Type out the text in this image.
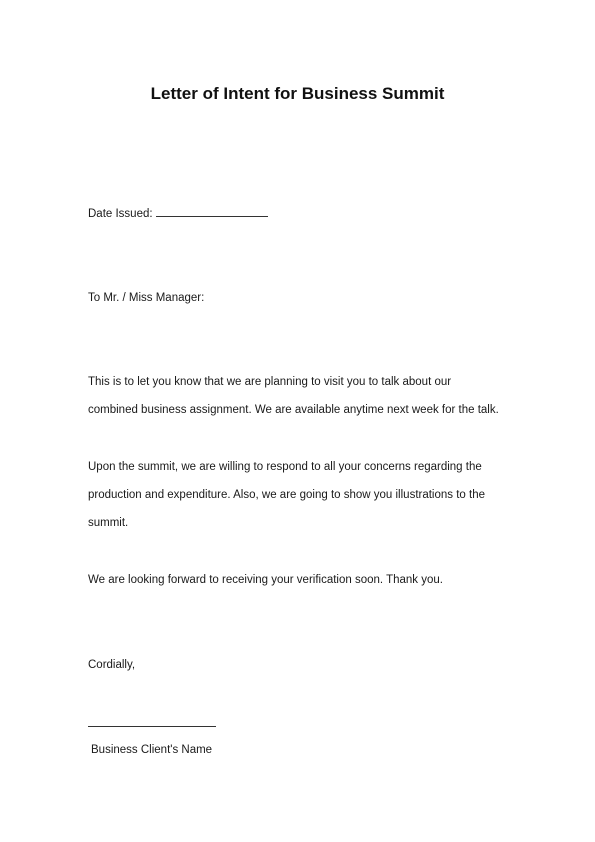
Letter of Intent for Business Summit
Date Issued:
To Mr. / Miss Manager:
This is to let you know that we are planning to visit you to talk about our
combined business assignment. We are available anytime next week for the talk.
Upon the summit, we are willing to respond to all your concerns regarding the
production and expenditure. Also, we are going to show you illustrations to the
summit.
We are looking forward to receiving your verification soon. Thank you.
Cordially,
Business Client's Name
